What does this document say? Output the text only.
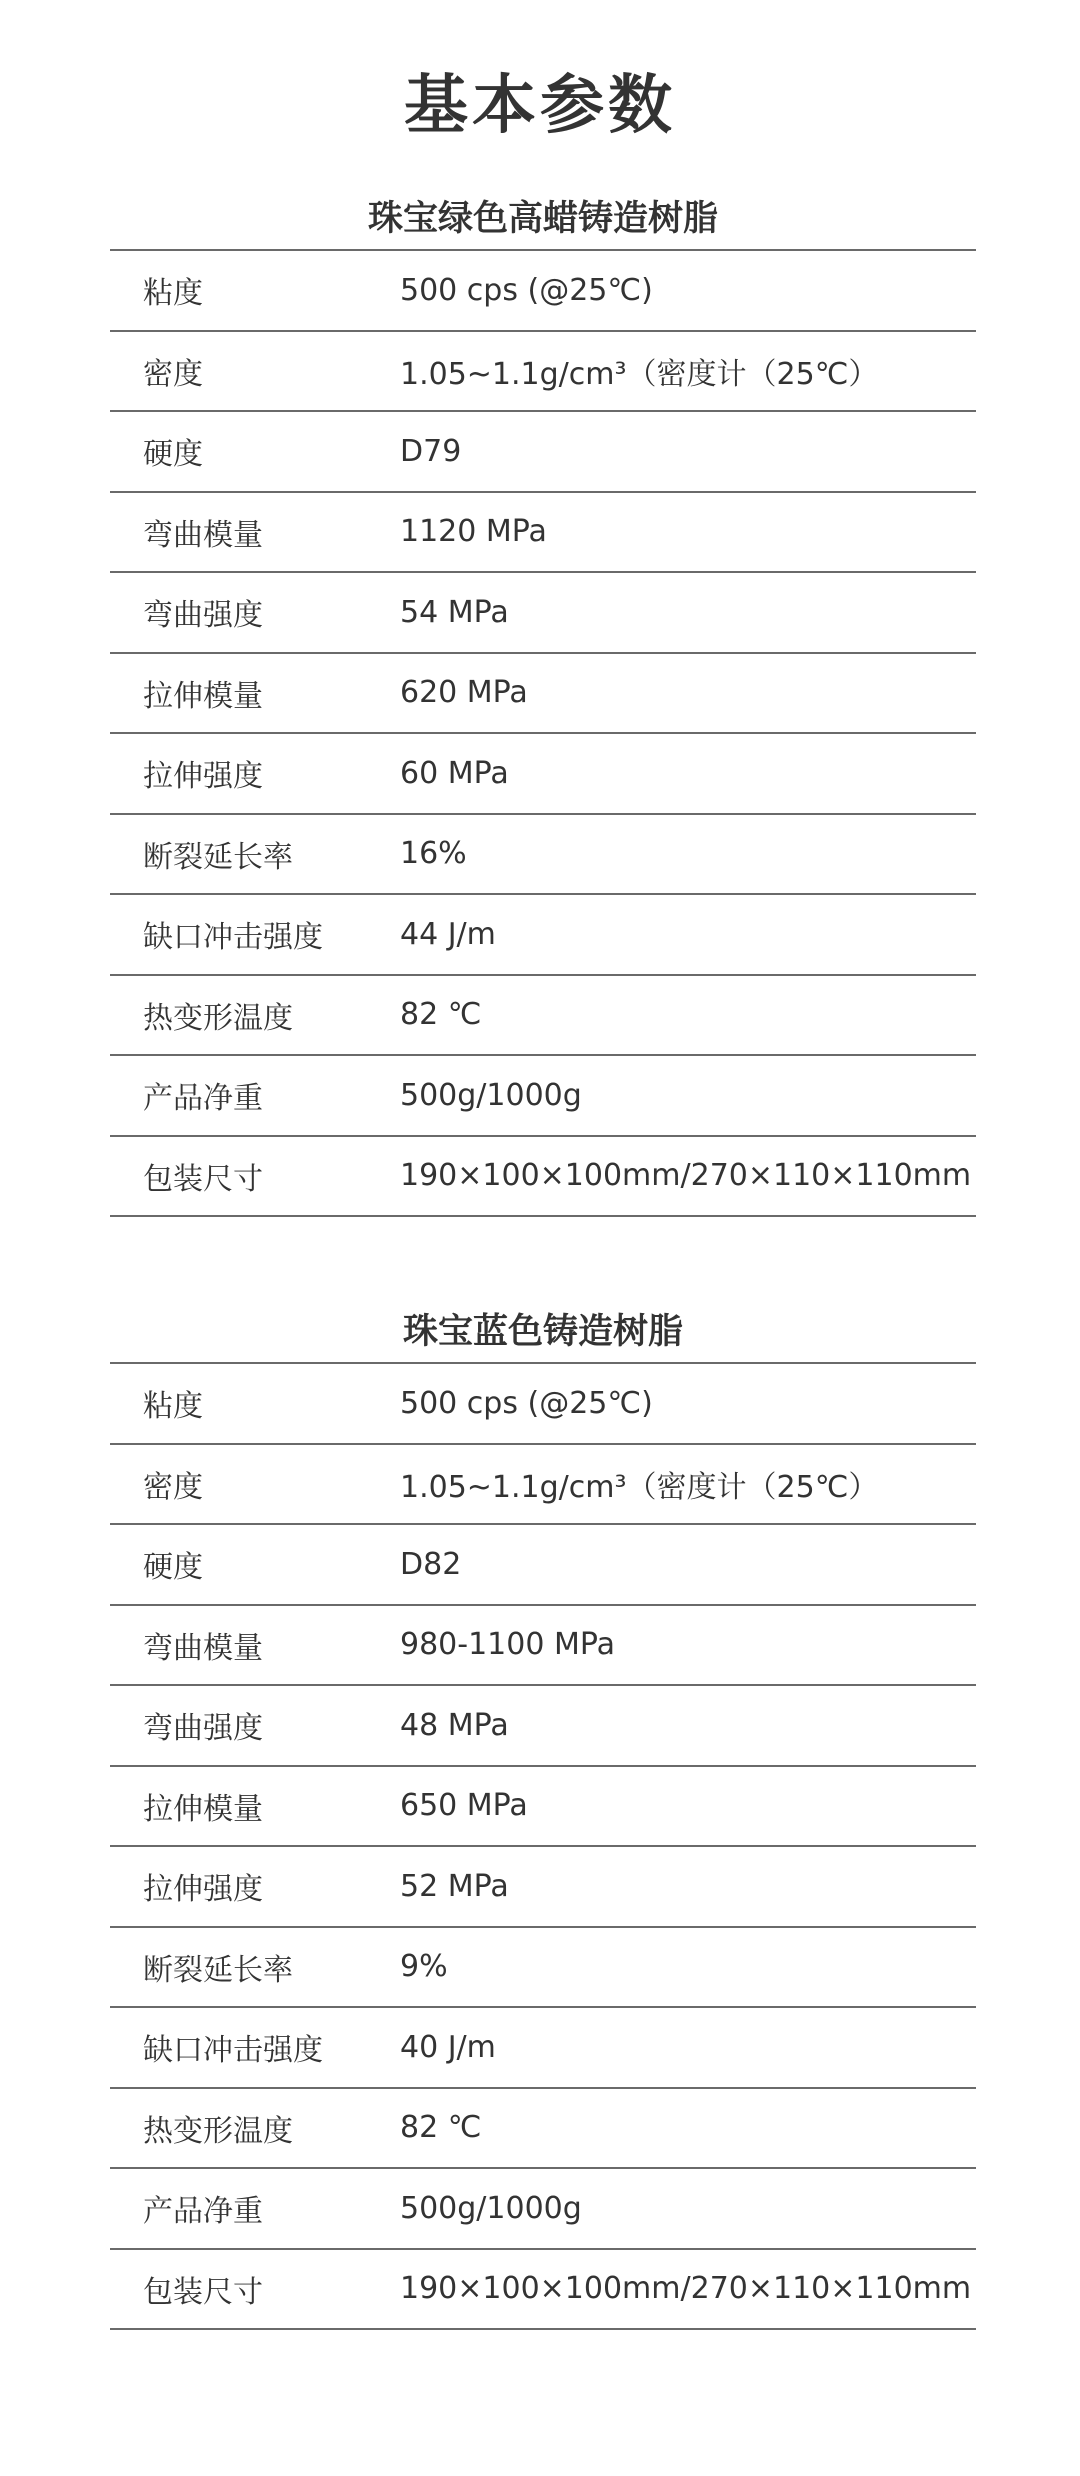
基本参数
珠宝绿色高蜡铸造树脂
粘度	500 cps (@25℃)
密度	1.05~1.1g/cm³（密度计（25℃）
硬度	D79
弯曲模量	1120 MPa
弯曲强度	54 MPa
拉伸模量	620 MPa
拉伸强度	60 MPa
断裂延长率	16%
缺口冲击强度	44 J/m
热变形温度	82 ℃
产品净重	500g/1000g
包装尺寸	190×100×100mm/270×110×110mm
珠宝蓝色铸造树脂
粘度	500 cps (@25℃)
密度	1.05~1.1g/cm³（密度计（25℃）
硬度	D82
弯曲模量	980-1100 MPa
弯曲强度	48 MPa
拉伸模量	650 MPa
拉伸强度	52 MPa
断裂延长率	9%
缺口冲击强度	40 J/m
热变形温度	82 ℃
产品净重	500g/1000g
包装尺寸	190×100×100mm/270×110×110mm
